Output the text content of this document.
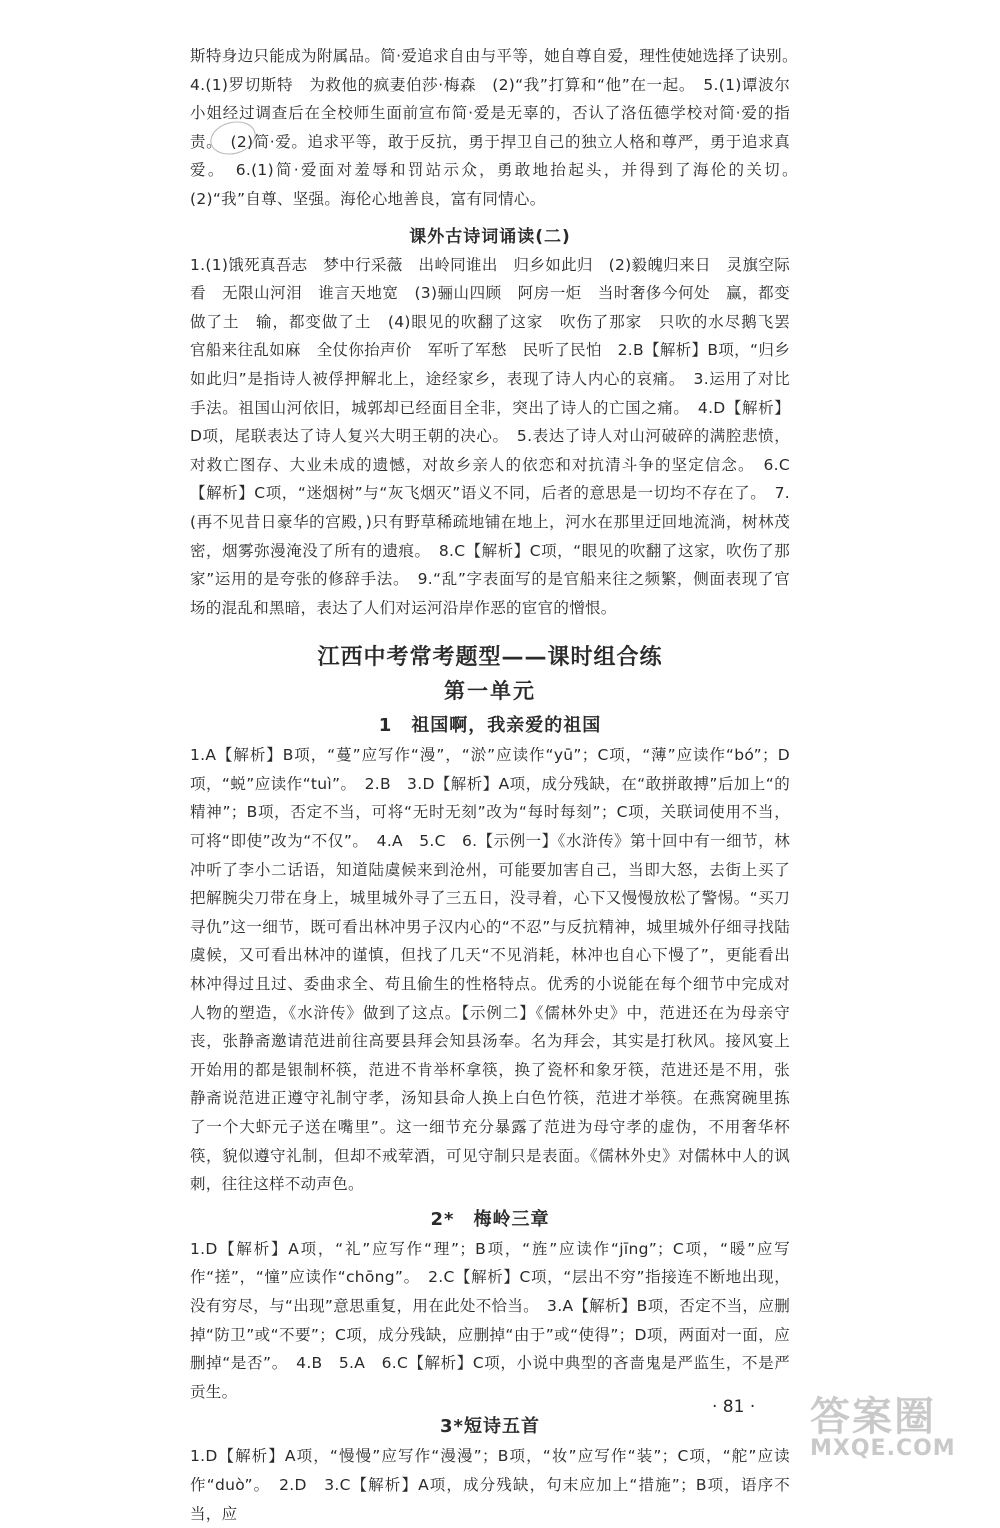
斯特身边只能成为附属品。简·爱追求自由与平等，她自尊自爱，理性使她选择了诀别。　4.(1)罗切斯特　为救他的疯妻伯莎·梅森　(2)“我”打算和“他”在一起。　5.(1)谭波尔小姐经过调查后在全校师生面前宣布简·爱是无辜的，否认了洛伍德学校对简·爱的指责。　(2)简·爱。追求平等，敢于反抗，勇于捍卫自己的独立人格和尊严，勇于追求真爱。　6.(1)简·爱面对羞辱和罚站示众，勇敢地抬起头，并得到了海伦的关切。　(2)“我”自尊、坚强。海伦心地善良，富有同情心。

课外古诗词诵读(二)

1.(1)饿死真吾志　梦中行采薇　出岭同谁出　归乡如此归　(2)毅魄归来日　灵旗空际看　无限山河泪　谁言天地宽　(3)骊山四顾　阿房一炬　当时奢侈今何处　赢，都变做了土　输，都变做了土　(4)眼见的吹翻了这家　吹伤了那家　只吹的水尽鹅飞罢　官船来往乱如麻　全仗你抬声价　军听了军愁　民听了民怕　2.B【解析】B项，“归乡如此归”是指诗人被俘押解北上，途经家乡，表现了诗人内心的哀痛。　3.运用了对比手法。祖国山河依旧，城郭却已经面目全非，突出了诗人的亡国之痛。　4.D【解析】D项，尾联表达了诗人复兴大明王朝的决心。　5.表达了诗人对山河破碎的满腔悲愤，对救亡图存、大业未成的遗憾，对故乡亲人的依恋和对抗清斗争的坚定信念。　6.C【解析】C项，“迷烟树”与“灰飞烟灭”语义不同，后者的意思是一切均不存在了。　7.(再不见昔日豪华的宫殿，)只有野草稀疏地铺在地上，河水在那里迂回地流淌，树林茂密，烟雾弥漫淹没了所有的遗痕。　8.C【解析】C项，“眼见的吹翻了这家，吹伤了那家”运用的是夸张的修辞手法。　9.“乱”字表面写的是官船来往之频繁，侧面表现了官场的混乱和黑暗，表达了人们对运河沿岸作恶的宦官的憎恨。

江西中考常考题型——课时组合练
第一单元
1　祖国啊，我亲爱的祖国

1.A【解析】B项，“蔓”应写作“漫”，“淤”应读作“yū”；C项，“薄”应读作“bó”；D项，“蜕”应读作“tuì”。　2.B　3.D【解析】A项，成分残缺，在“敢拼敢搏”后加上“的精神”；B项，否定不当，可将“无时无刻”改为“每时每刻”；C项，关联词使用不当，可将“即使”改为“不仅”。　4.A　5.C　6.【示例一】《水浒传》第十回中有一细节，林冲听了李小二话语，知道陆虞候来到沧州，可能要加害自己，当即大怒，去街上买了把解腕尖刀带在身上，城里城外寻了三五日，没寻着，心下又慢慢放松了警惕。“买刀寻仇”这一细节，既可看出林冲男子汉内心的“不忍”与反抗精神，城里城外仔细寻找陆虞候，又可看出林冲的谨慎，但找了几天“不见消耗，林冲也自心下慢了”，更能看出林冲得过且过、委曲求全、苟且偷生的性格特点。优秀的小说能在每个细节中完成对人物的塑造，《水浒传》做到了这点。【示例二】《儒林外史》中，范进还在为母亲守丧，张静斋邀请范进前往高要县拜会知县汤奉。名为拜会，其实是打秋风。接风宴上开始用的都是银制杯筷，范进不肯举杯拿筷，换了瓷杯和象牙筷，范进还是不用，张静斋说范进正遵守礼制守孝，汤知县命人换上白色竹筷，范进才举筷。在燕窝碗里拣了一个大虾元子送在嘴里”。这一细节充分暴露了范进为母守孝的虚伪，不用奢华杯筷，貌似遵守礼制，但却不戒荤酒，可见守制只是表面。《儒林外史》对儒林中人的讽刺，往往这样不动声色。

2*　梅岭三章

1.D【解析】A项，“礼”应写作“理”；B项，“旌”应读作“jīng”；C项，“暖”应写作“搓”，“憧”应读作“chōng”。　2.C【解析】C项，“层出不穷”指接连不断地出现，没有穷尽，与“出现”意思重复，用在此处不恰当。　3.A【解析】B项，否定不当，应删掉“防卫”或“不要”；C项，成分残缺，应删掉“由于”或“使得”；D项，两面对一面，应删掉“是否”。　4.B　5.A　6.C【解析】C项，小说中典型的吝啬鬼是严监生，不是严贡生。

3*短诗五首

1.D【解析】A项，“慢慢”应写作“漫漫”；B项，“妆”应写作“装”；C项，“舵”应读作“duò”。　2.D　3.C【解析】A项，成分残缺，句末应加上“措施”；B项，语序不当，应

· 81 · 答案圈
MXQE.COM
